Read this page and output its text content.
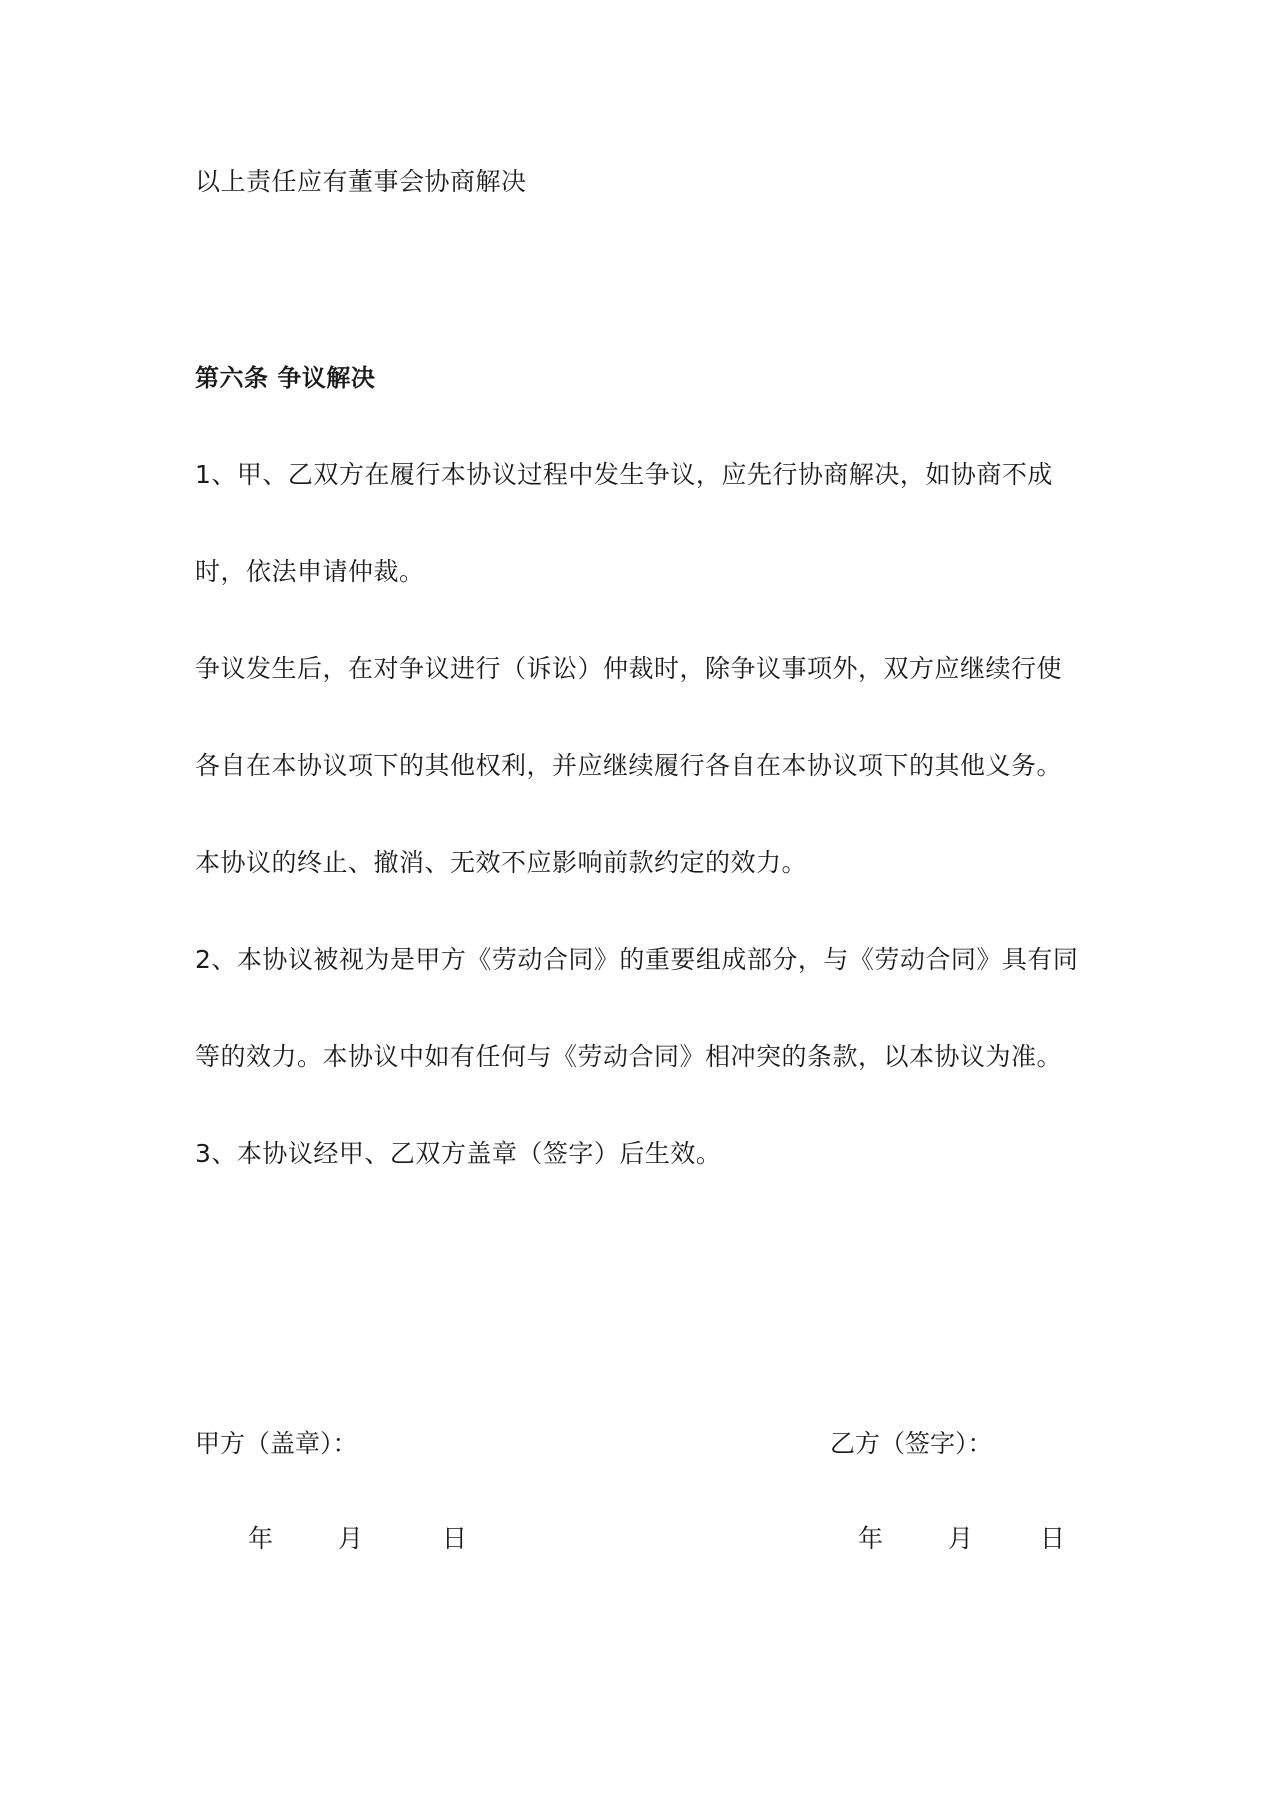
以上责任应有董事会协商解决
第六条 争议解决
1、甲、乙双方在履行本协议过程中发生争议，应先行协商解决，如协商不成
时，依法申请仲裁。
争议发生后，在对争议进行（诉讼）仲裁时，除争议事项外，双方应继续行使
各自在本协议项下的其他权利，并应继续履行各自在本协议项下的其他义务。
本协议的终止、撤消、无效不应影响前款约定的效力。
2、本协议被视为是甲方《劳动合同》的重要组成部分，与《劳动合同》具有同
等的效力。本协议中如有任何与《劳动合同》相冲突的条款，以本协议为准。
3、本协议经甲、乙双方盖章（签字）后生效。
甲方（盖章）：	乙方（签字）：
年	月	日	年	月	日
